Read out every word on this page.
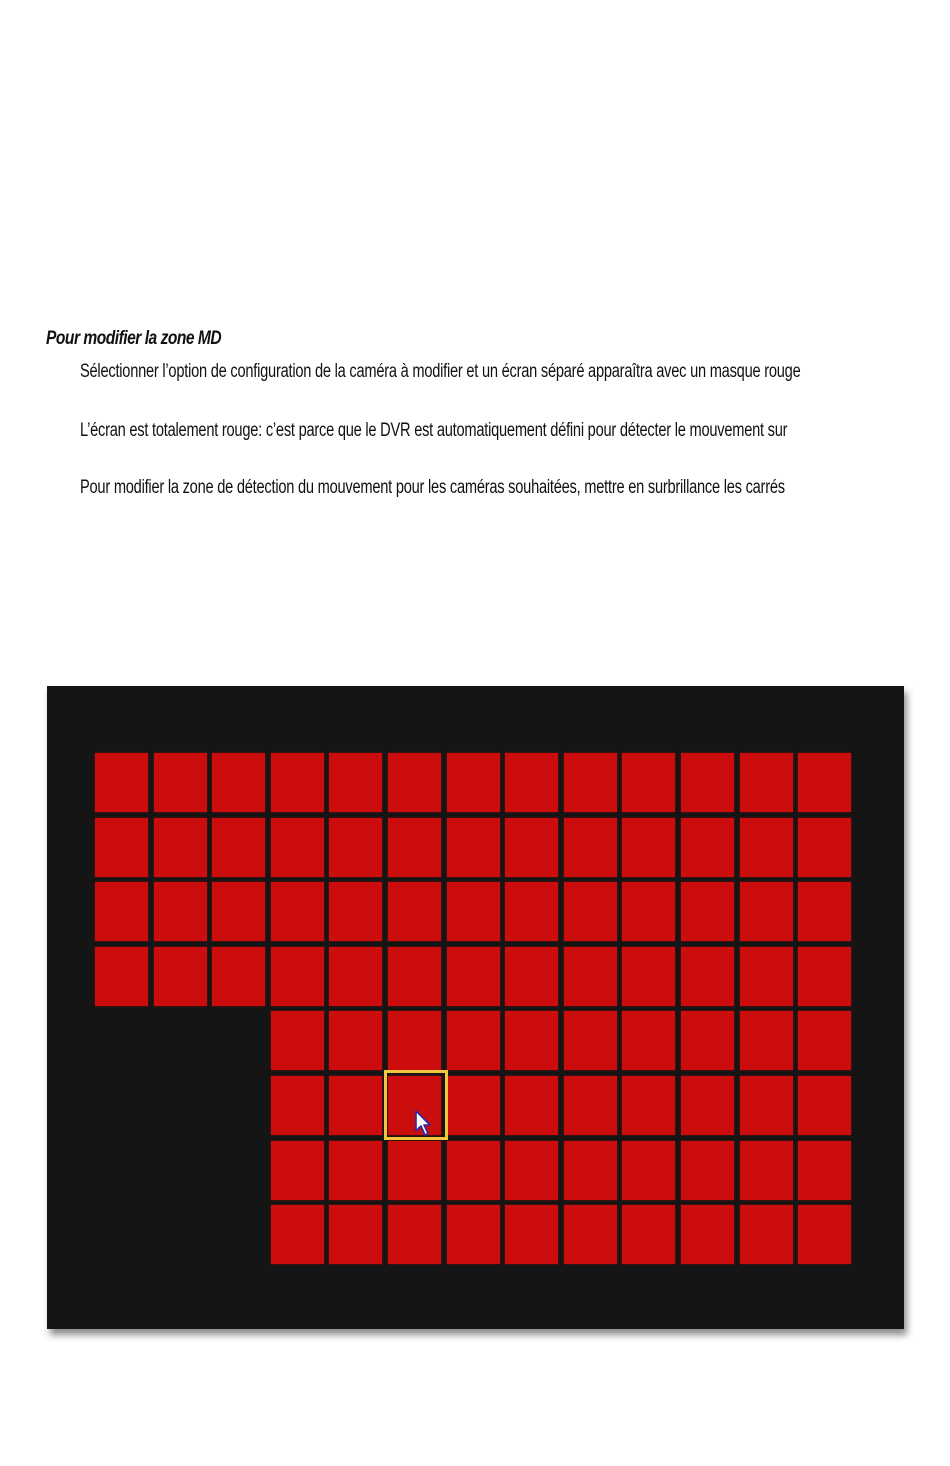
Pour modifier la zone MD
Sélectionner l’option de configuration de la caméra à modifier et un écran séparé apparaîtra avec un masque rouge
L’écran est totalement rouge: c’est parce que le DVR est automatiquement défini pour détecter le mouvement sur
Pour modifier la zone de détection du mouvement pour les caméras souhaitées, mettre en surbrillance les carrés
